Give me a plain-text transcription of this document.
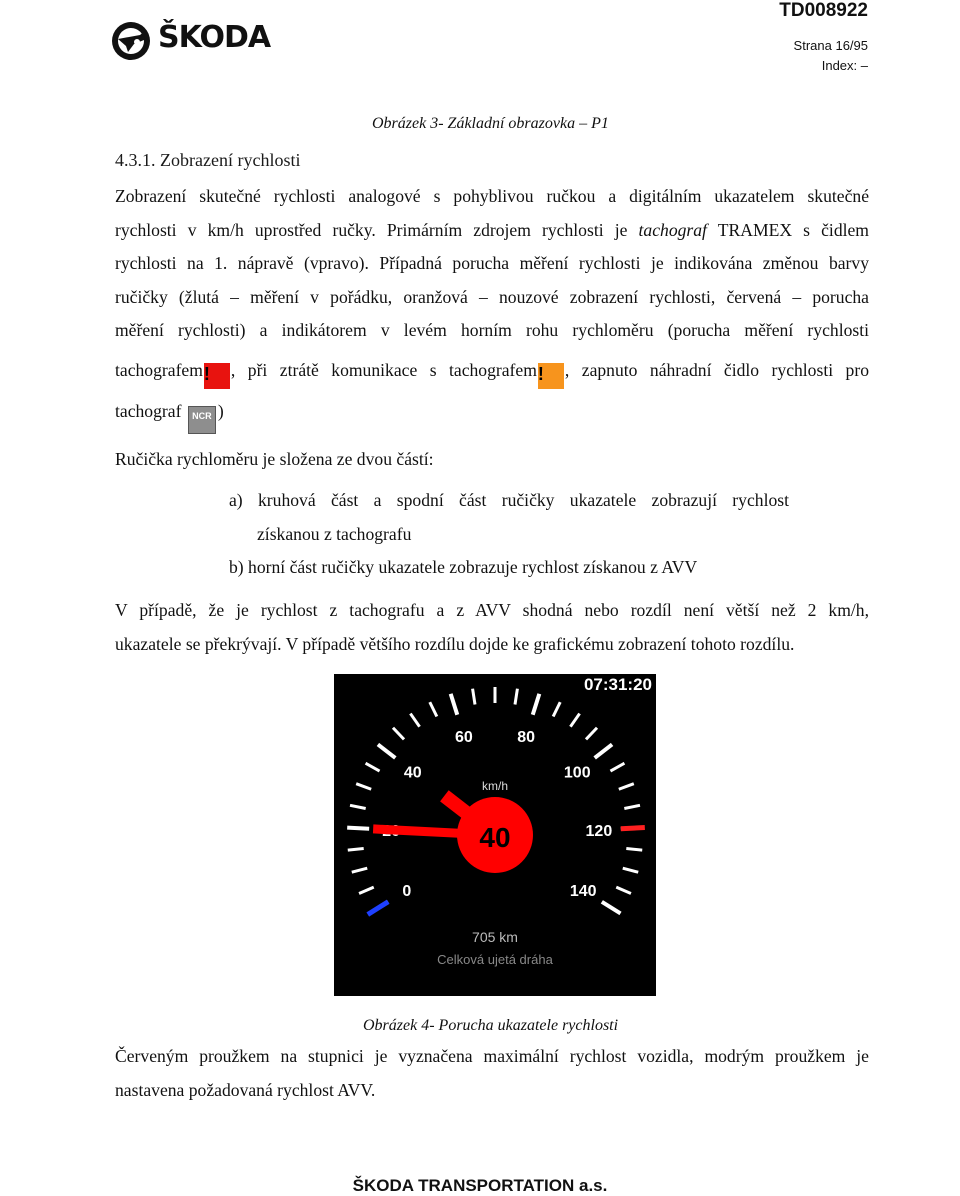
ŠKODA
TD008922
Strana 16/95
Index: –
Obrázek 3- Základní obrazovka – P1
4.3.1. Zobrazení rychlosti
Zobrazení skutečné rychlosti analogové s pohyblivou ručkou a digitálním ukazatelem skutečné
rychlosti v km/h uprostřed ručky. Primárním zdrojem rychlosti je tachograf TRAMEX s čidlem
rychlosti na 1. nápravě (vpravo). Případná porucha měření rychlosti je indikována změnou barvy
ručičky (žlutá – měření v pořádku, oranžová – nouzové zobrazení rychlosti, červená – porucha
měření rychlosti) a indikátorem v levém horním rohu rychloměru (porucha měření rychlosti
tachografem! , při ztrátě komunikace s tachografem! , zapnuto náhradní čidlo rychlosti pro
tachograf NCR )
Ručička rychloměru je složena ze dvou částí:
a) kruhová část a spodní část ručičky ukazatele zobrazují rychlost
získanou z tachografu
b) horní část ručičky ukazatele zobrazuje rychlost získanou z AVV
V případě, že je rychlost z tachografu a z AVV shodná nebo rozdíl není větší než 2 km/h,
ukazatele se překrývají. V případě většího rozdílu dojde ke grafickému zobrazení tohoto rozdílu.
0
40
60	80
100
120
140
07:31:20
km/h
40
705 km
Celková ujetá dráha
Obrázek 4- Porucha ukazatele rychlosti
Červeným proužkem na stupnici je vyznačena maximální rychlost vozidla, modrým proužkem je
nastavena požadovaná rychlost AVV.
ŠKODA TRANSPORTATION a.s.
